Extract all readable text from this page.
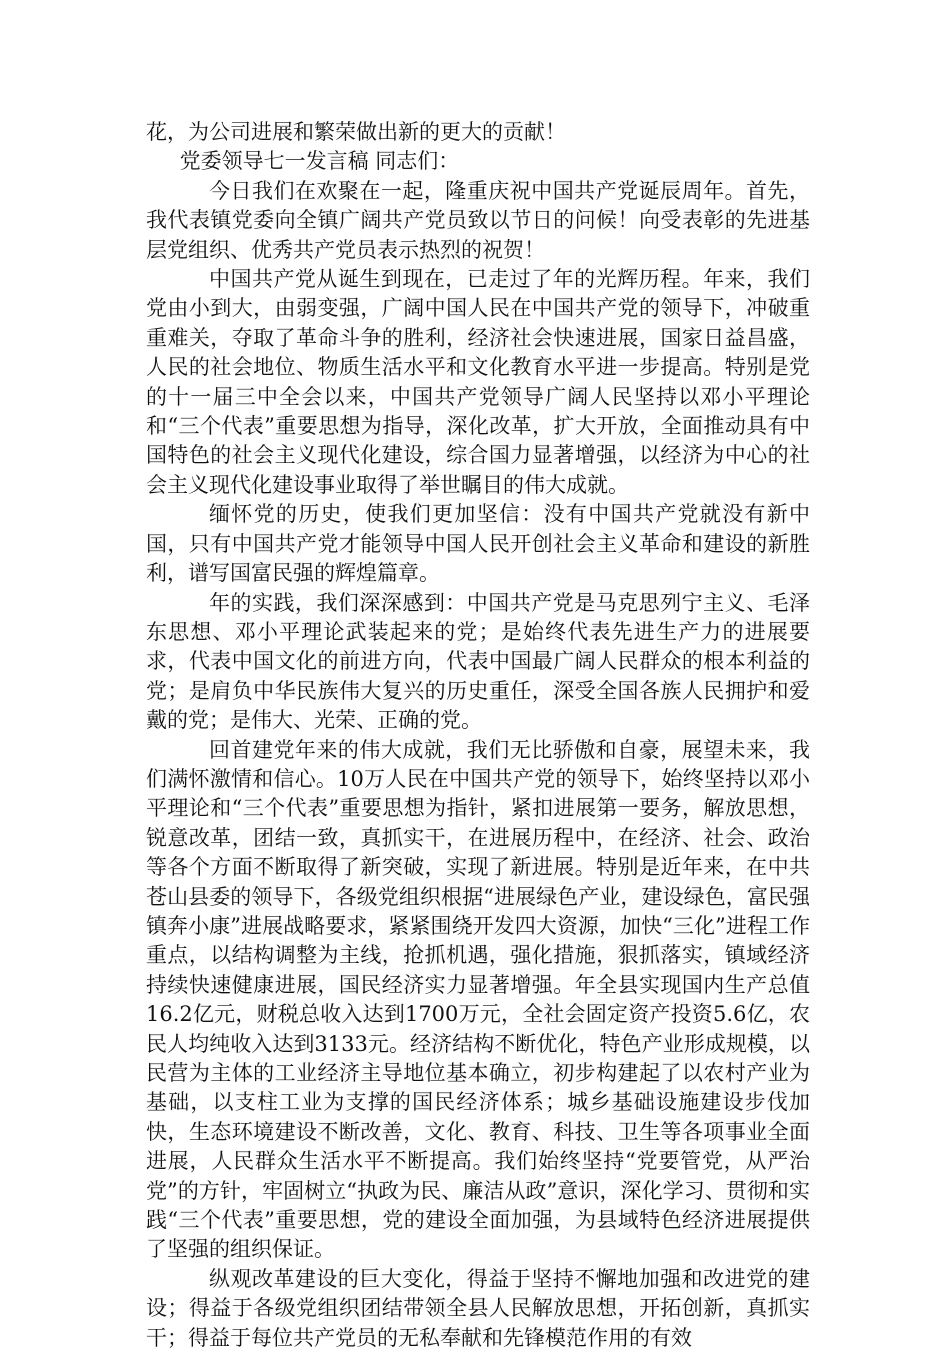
花，为公司进展和繁荣做出新的更大的贡献！

党委领导七一发言稿 同志们：

今日我们在欢聚在一起，隆重庆祝中国共产党诞辰周年。首先，我代表镇党委向全镇广阔共产党员致以节日的问候！向受表彰的先进基层党组织、优秀共产党员表示热烈的祝贺！

中国共产党从诞生到现在，已走过了年的光辉历程。年来，我们党由小到大，由弱变强，广阔中国人民在中国共产党的领导下，冲破重重难关，夺取了革命斗争的胜利，经济社会快速进展，国家日益昌盛，人民的社会地位、物质生活水平和文化教育水平进一步提高。特别是党的十一届三中全会以来，中国共产党领导广阔人民坚持以邓小平理论和“三个代表”重要思想为指导，深化改革，扩大开放，全面推动具有中国特色的社会主义现代化建设，综合国力显著增强，以经济为中心的社会主义现代化建设事业取得了举世瞩目的伟大成就。

缅怀党的历史，使我们更加坚信：没有中国共产党就没有新中国，只有中国共产党才能领导中国人民开创社会主义革命和建设的新胜利，谱写国富民强的辉煌篇章。

年的实践，我们深深感到：中国共产党是马克思列宁主义、毛泽东思想、邓小平理论武装起来的党；是始终代表先进生产力的进展要求，代表中国文化的前进方向，代表中国最广阔人民群众的根本利益的党；是肩负中华民族伟大复兴的历史重任，深受全国各族人民拥护和爱戴的党；是伟大、光荣、正确的党。

回首建党年来的伟大成就，我们无比骄傲和自豪，展望未来，我们满怀激情和信心。10万人民在中国共产党的领导下，始终坚持以邓小平理论和“三个代表”重要思想为指针，紧扣进展第一要务，解放思想，锐意改革，团结一致，真抓实干，在进展历程中，在经济、社会、政治等各个方面不断取得了新突破，实现了新进展。特别是近年来，在中共苍山县委的领导下，各级党组织根据“进展绿色产业，建设绿色，富民强镇奔小康”进展战略要求，紧紧围绕开发四大资源，加快“三化”进程工作重点，以结构调整为主线，抢抓机遇，强化措施，狠抓落实，镇域经济持续快速健康进展，国民经济实力显著增强。年全县实现国内生产总值16.2亿元，财税总收入达到1700万元，全社会固定资产投资5.6亿，农民人均纯收入达到3133元。经济结构不断优化，特色产业形成规模，以民营为主体的工业经济主导地位基本确立，初步构建起了以农村产业为基础，以支柱工业为支撑的国民经济体系；城乡基础设施建设步伐加快，生态环境建设不断改善，文化、教育、科技、卫生等各项事业全面进展，人民群众生活水平不断提高。我们始终坚持“党要管党，从严治党”的方针，牢固树立“执政为民、廉洁从政”意识，深化学习、贯彻和实践“三个代表”重要思想，党的建设全面加强，为县域特色经济进展提供了坚强的组织保证。

纵观改革建设的巨大变化，得益于坚持不懈地加强和改进党的建设；得益于各级党组织团结带领全县人民解放思想，开拓创新，真抓实干；得益于每位共产党员的无私奉献和先锋模范作用的有效
